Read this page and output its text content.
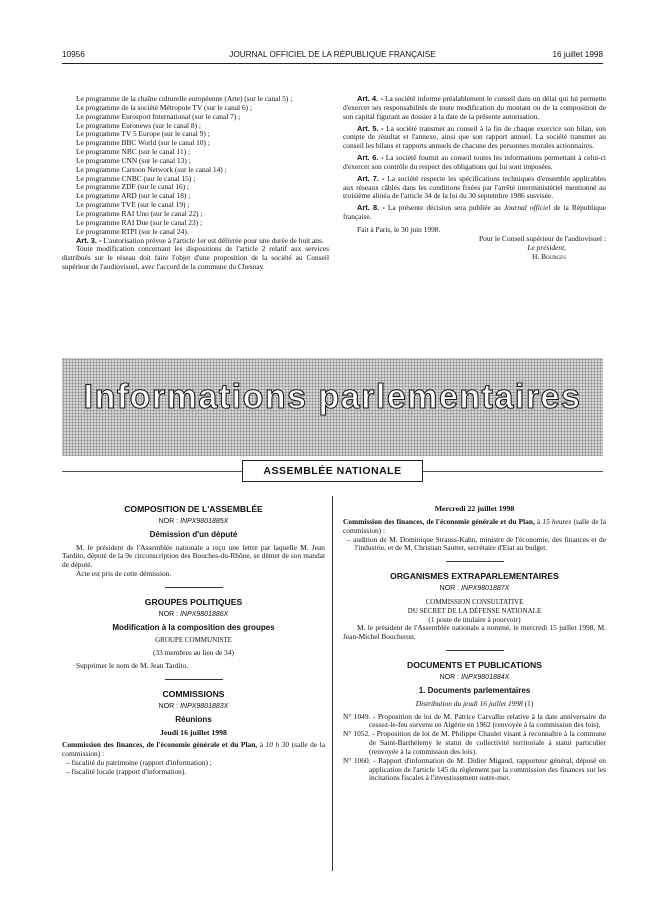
10956	JOURNAL OFFICIEL DE LA RÉPUBLIQUE FRANÇAISE	16 juillet 1998

Le programme de la chaîne culturelle européenne (Arte) (sur le canal 5) ;

Le programme de la société Métropole TV (sur le canal 6) ;

Le programme Eurosport International (sur le canal 7) ;

Le programme Euronews (sur le canal 8) ;

Le programme TV 5 Europe (sur le canal 9) ;

Le programme BBC World (sur le canal 10) ;

Le programme NBC (sur le canal 11) ;

Le programme CNN (sur le canal 13) ;

Le programme Cartoon Network (sur le canal 14) ;

Le programme CNBC (sur le canal 15) ;

Le programme ZDF (sur le canal 16) ;

Le programme ARD (sur le canal 18) ;

Le programme TVE (sur le canal 19) ;

Le programme RAI Uno (sur le canal 22) ;

Le programme RAI Due (sur le canal 23) ;

Le programme RTPI (sur le canal 24).

Art. 3. - L'autorisation prévue à l'article 1er est délivrée pour une durée de huit ans.

Toute modification concernant les dispositions de l'article 2 relatif aux services distribués sur le réseau doit faire l'objet d'une proposition de la société au Conseil supérieur de l'audiovisuel, avec l'accord de la commune du Chesnay.

Art. 4. - La société informe préalablement le conseil dans un délai qui lui permette d'exercer ses responsabilités de toute modification du montant ou de la composition de son capital figurant au dossier à la date de la présente autorisation.

Art. 5. - La société transmet au conseil à la fin de chaque exercice son bilan, son compte de résultat et l'annexe, ainsi que son rapport annuel. La société transmet au conseil les bilans et rapports annuels de chacune des personnes morales actionnaires.

Art. 6. - La société fournit au conseil toutes les informations permettant à celui-ci d'exercer son contrôle du respect des obligations qui lui sont imposées.

Art. 7. - La société respecte les spécifications techniques d'ensemble applicables aux réseaux câblés dans les conditions fixées par l'arrêté interministériel mentionné au troisième alinéa de l'article 34 de la loi du 30 septembre 1986 susvisée.

Art. 8. - La présente décision sera publiée au Journal officiel de la République française.

Fait à Paris, le 30 juin 1998.

Pour le Conseil supérieur de l'audiovisuel :

Le président,

H. Bourges

Informations parlementaires
ASSEMBLÉE NATIONALE

COMPOSITION DE L'ASSEMBLÉE

NOR : INPX9801885X

Démission d'un député

M. le président de l'Assemblée nationale a reçu une lettre par laquelle M. Jean Tardito, député de la 9e circonscription des Bouches-du-Rhône, se démet de son mandat de député.

Acte est pris de cette démission.

GROUPES POLITIQUES

NOR : INPX9801886X

Modification à la composition des groupes

GROUPE COMMUNISTE

(33 membres au lieu de 34)

Supprimer le nom de M. Jean Tardito.

COMMISSIONS

NOR : INPX9801883X

Réunions

Jeudi 16 juillet 1998

Commission des finances, de l'économie générale et du Plan, à 10 h 30 (salle de la commission) :

– fiscalité du patrimoine (rapport d'information) ;

– fiscalité locale (rapport d'information).

Mercredi 22 juillet 1998

Commission des finances, de l'économie générale et du Plan, à 15 heures (salle de la commission) :

– audition de M. Dominique Strauss-Kahn, ministre de l'économie, des finances et de l'industrie, et de M. Christian Sautter, secrétaire d'Etat au budget.

ORGANISMES EXTRAPARLEMENTAIRES

NOR : INPX9801887X

COMMISSION CONSULTATIVE

DU SECRET DE LA DÉFENSE NATIONALE

(1 poste de titulaire à pourvoir)

M. le président de l'Assemblée nationale a nommé, le mercredi 15 juillet 1998, M. Jean-Michel Boucheron.

DOCUMENTS ET PUBLICATIONS

NOR : INPX9801884X

1. Documents parlementaires

Distribution du jeudi 16 juillet 1998 (1)

N° 1049. - Proposition de loi de M. Patrice Carvalho relative à la date anniversaire du cessez-le-feu survenu en Algérie en 1962 (renvoyée à la commission des lois).

N° 1052. - Proposition de loi de M. Philippe Chaulet visant à reconnaître à la commune de Saint-Barthélemy le statut de collectivité territoriale à statut particulier (renvoyée à la commission des lois).

N° 1060. - Rapport d'information de M. Didier Migaud, rapporteur général, déposé en application de l'article 145 du règlement par la commission des finances sur les incitations fiscales à l'investissement outre-mer.
